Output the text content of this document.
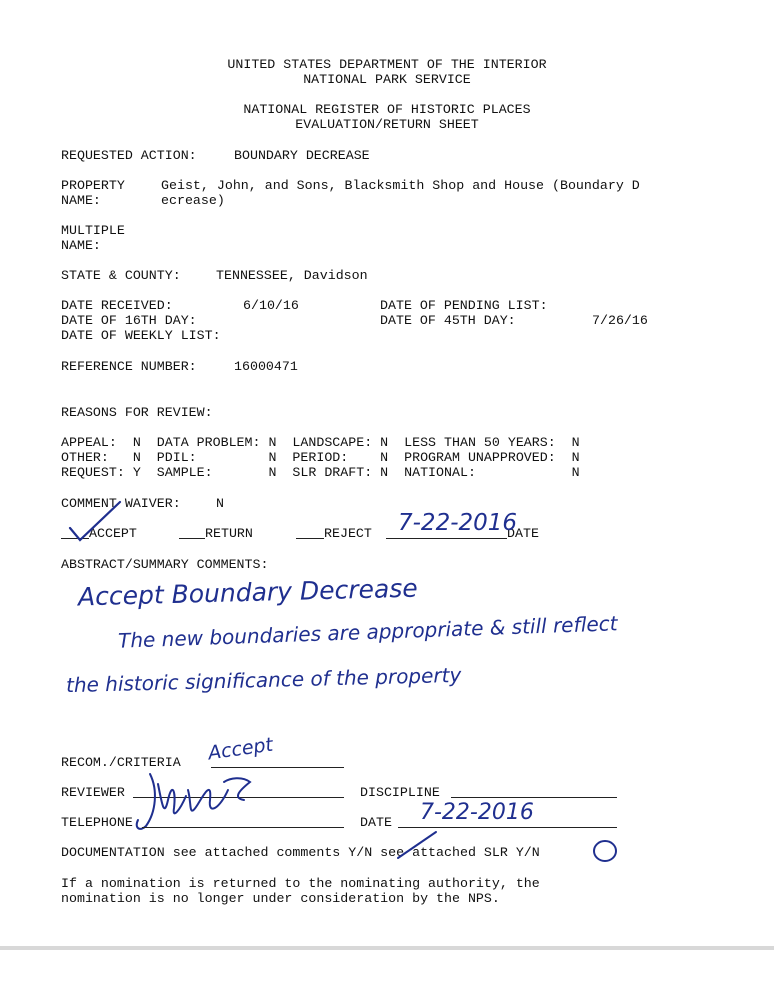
UNITED STATES DEPARTMENT OF THE INTERIOR
NATIONAL PARK SERVICE
NATIONAL REGISTER OF HISTORIC PLACES
EVALUATION/RETURN SHEET
REQUESTED ACTION:	BOUNDARY DECREASE
PROPERTY
NAME:
Geist, John, and Sons, Blacksmith Shop and House (Boundary D
ecrease)
MULTIPLE
NAME:
STATE & COUNTY:	TENNESSEE, Davidson
DATE RECEIVED:	6/10/16	DATE OF PENDING LIST:
DATE OF 16TH DAY:	DATE OF 45TH DAY:	7/26/16
DATE OF WEEKLY LIST:
REFERENCE NUMBER:	16000471
REASONS FOR REVIEW:
APPEAL:  N  DATA PROBLEM: N  LANDSCAPE: N  LESS THAN 50 YEARS:  N
OTHER:   N  PDIL:         N  PERIOD:    N  PROGRAM UNAPPROVED:  N
REQUEST: Y  SAMPLE:       N  SLR DRAFT: N  NATIONAL:            N
COMMENT WAIVER:	N
ACCEPT	RETURN	REJECT	DATE
7-22-2016
ABSTRACT/SUMMARY COMMENTS:
Accept Boundary Decrease
The new boundaries are appropriate & still reflect
the historic significance of the property
RECOM./CRITERIA Accept
REVIEWER	DISCIPLINE
TELEPHONE	DATE 7-22-2016
DOCUMENTATION see attached comments Y/N see attached SLR Y/N
If a nomination is returned to the nominating authority, the
nomination is no longer under consideration by the NPS.
